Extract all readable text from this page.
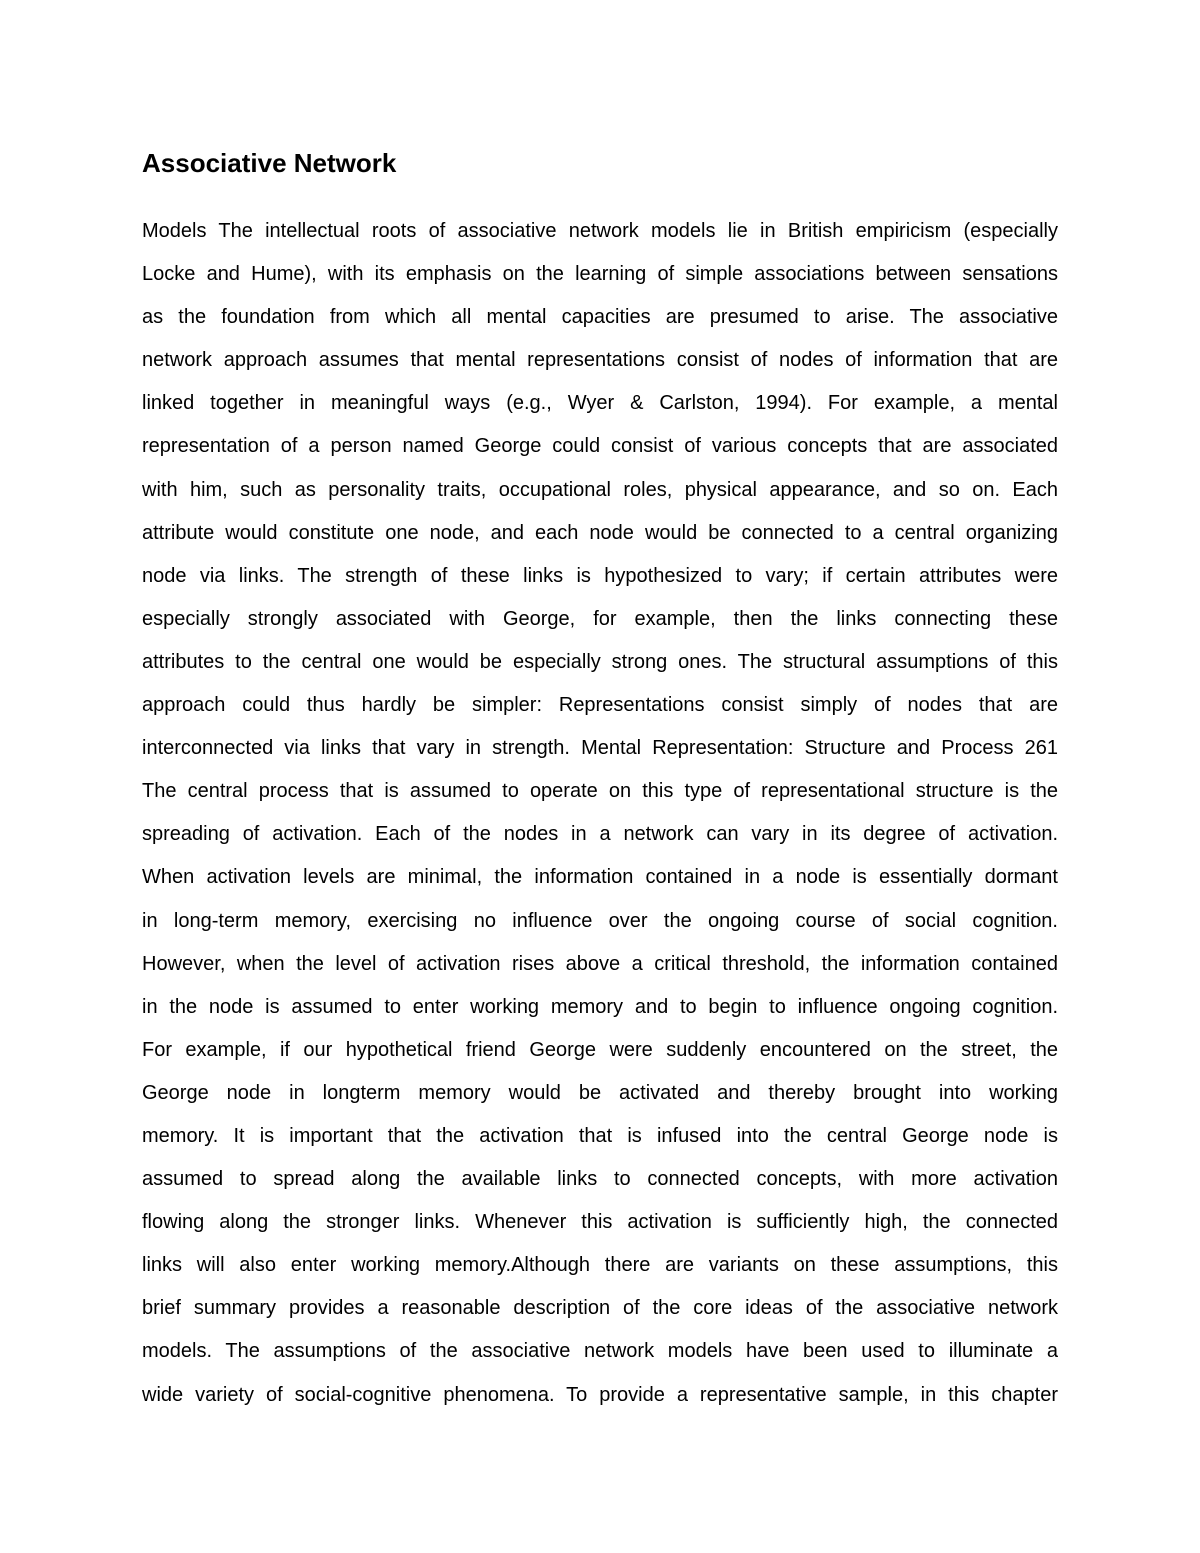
Associative Network
Models The intellectual roots of associative network models lie in British empiricism (especially
Locke and Hume), with its emphasis on the learning of simple associations between sensations
as the foundation from which all mental capacities are presumed to arise. The associative
network approach assumes that mental representations consist of nodes of information that are
linked together in meaningful ways (e.g., Wyer & Carlston, 1994). For example, a mental
representation of a person named George could consist of various concepts that are associated
with him, such as personality traits, occupational roles, physical appearance, and so on. Each
attribute would constitute one node, and each node would be connected to a central organizing
node via links. The strength of these links is hypothesized to vary; if certain attributes were
especially strongly associated with George, for example, then the links connecting these
attributes to the central one would be especially strong ones. The structural assumptions of this
approach could thus hardly be simpler: Representations consist simply of nodes that are
interconnected via links that vary in strength. Mental Representation: Structure and Process 261
The central process that is assumed to operate on this type of representational structure is the
spreading of activation. Each of the nodes in a network can vary in its degree of activation.
When activation levels are minimal, the information contained in a node is essentially dormant
in long-term memory, exercising no influence over the ongoing course of social cognition.
However, when the level of activation rises above a critical threshold, the information contained
in the node is assumed to enter working memory and to begin to influence ongoing cognition.
For example, if our hypothetical friend George were suddenly encountered on the street, the
George node in longterm memory would be activated and thereby brought into working
memory. It is important that the activation that is infused into the central George node is
assumed to spread along the available links to connected concepts, with more activation
flowing along the stronger links. Whenever this activation is sufficiently high, the connected
links will also enter working memory.Although there are variants on these assumptions, this
brief summary provides a reasonable description of the core ideas of the associative network
models. The assumptions of the associative network models have been used to illuminate a
wide variety of social-cognitive phenomena. To provide a representative sample, in this chapter
